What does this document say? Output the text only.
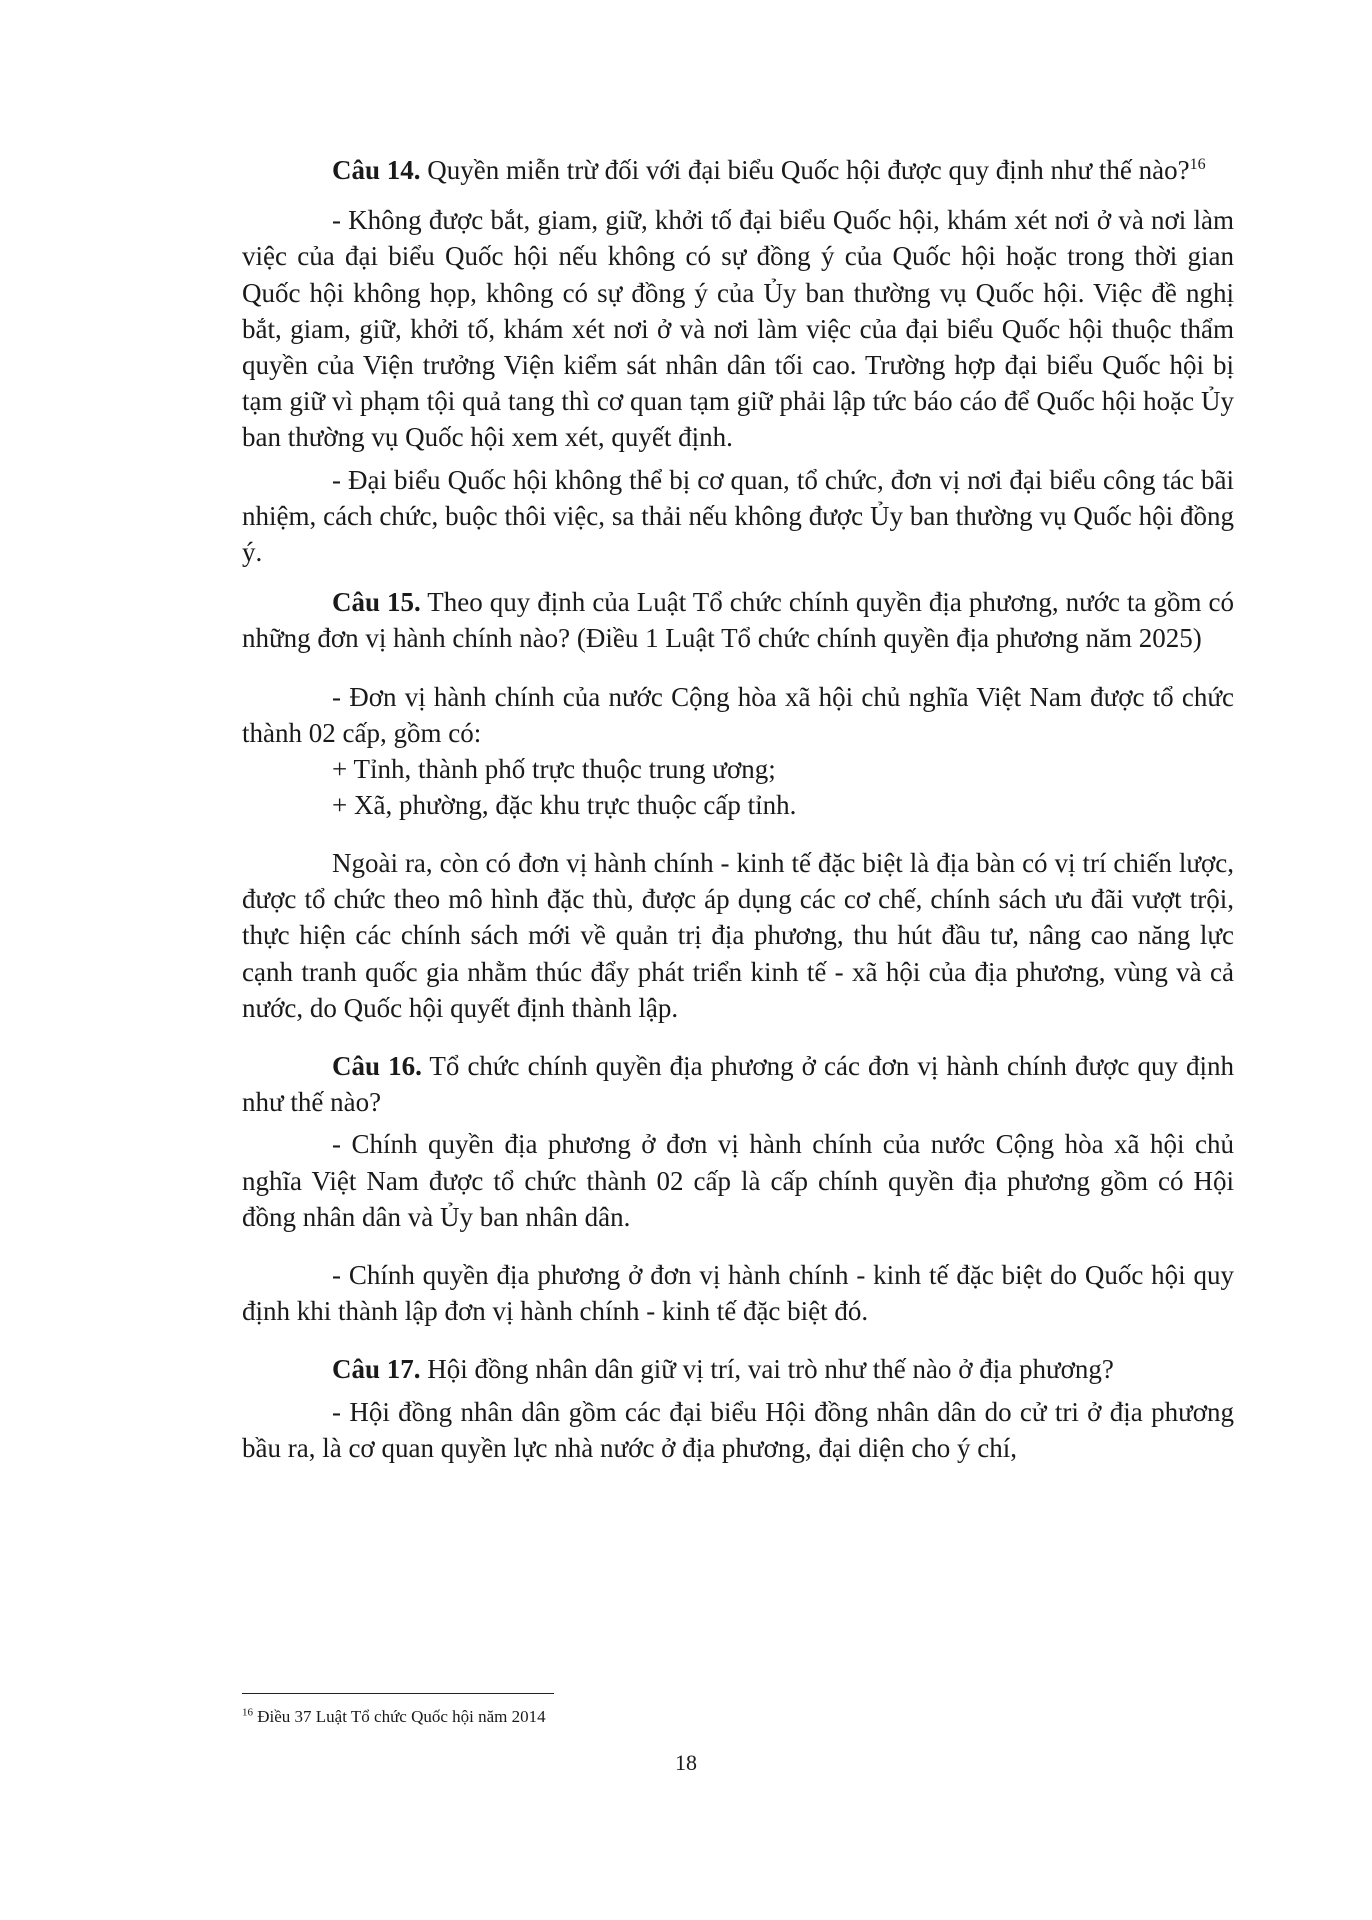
Câu 14. Quyền miễn trừ đối với đại biểu Quốc hội được quy định như thế nào?$^{16}$

- Không được bắt, giam, giữ, khởi tố đại biểu Quốc hội, khám xét nơi ở và nơi làm việc của đại biểu Quốc hội nếu không có sự đồng ý của Quốc hội hoặc trong thời gian Quốc hội không họp, không có sự đồng ý của Ủy ban thường vụ Quốc hội. Việc đề nghị bắt, giam, giữ, khởi tố, khám xét nơi ở và nơi làm việc của đại biểu Quốc hội thuộc thẩm quyền của Viện trưởng Viện kiểm sát nhân dân tối cao. Trường hợp đại biểu Quốc hội bị tạm giữ vì phạm tội quả tang thì cơ quan tạm giữ phải lập tức báo cáo để Quốc hội hoặc Ủy ban thường vụ Quốc hội xem xét, quyết định.

- Đại biểu Quốc hội không thể bị cơ quan, tổ chức, đơn vị nơi đại biểu công tác bãi nhiệm, cách chức, buộc thôi việc, sa thải nếu không được Ủy ban thường vụ Quốc hội đồng ý.

Câu 15. Theo quy định của Luật Tổ chức chính quyền địa phương, nước ta gồm có những đơn vị hành chính nào? (Điều 1 Luật Tổ chức chính quyền địa phương năm 2025)

- Đơn vị hành chính của nước Cộng hòa xã hội chủ nghĩa Việt Nam được tổ chức thành 02 cấp, gồm có:

+ Tỉnh, thành phố trực thuộc trung ương;

+ Xã, phường, đặc khu trực thuộc cấp tỉnh.

Ngoài ra, còn có đơn vị hành chính - kinh tế đặc biệt là địa bàn có vị trí chiến lược, được tổ chức theo mô hình đặc thù, được áp dụng các cơ chế, chính sách ưu đãi vượt trội, thực hiện các chính sách mới về quản trị địa phương, thu hút đầu tư, nâng cao năng lực cạnh tranh quốc gia nhằm thúc đẩy phát triển kinh tế - xã hội của địa phương, vùng và cả nước, do Quốc hội quyết định thành lập.

Câu 16. Tổ chức chính quyền địa phương ở các đơn vị hành chính được quy định như thế nào?

- Chính quyền địa phương ở đơn vị hành chính của nước Cộng hòa xã hội chủ nghĩa Việt Nam được tổ chức thành 02 cấp là cấp chính quyền địa phương gồm có Hội đồng nhân dân và Ủy ban nhân dân.

- Chính quyền địa phương ở đơn vị hành chính - kinh tế đặc biệt do Quốc hội quy định khi thành lập đơn vị hành chính - kinh tế đặc biệt đó.

Câu 17. Hội đồng nhân dân giữ vị trí, vai trò như thế nào ở địa phương?

- Hội đồng nhân dân gồm các đại biểu Hội đồng nhân dân do cử tri ở địa phương bầu ra, là cơ quan quyền lực nhà nước ở địa phương, đại diện cho ý chí,

$^{16}$ Điều 37 Luật Tổ chức Quốc hội năm 2014
18
